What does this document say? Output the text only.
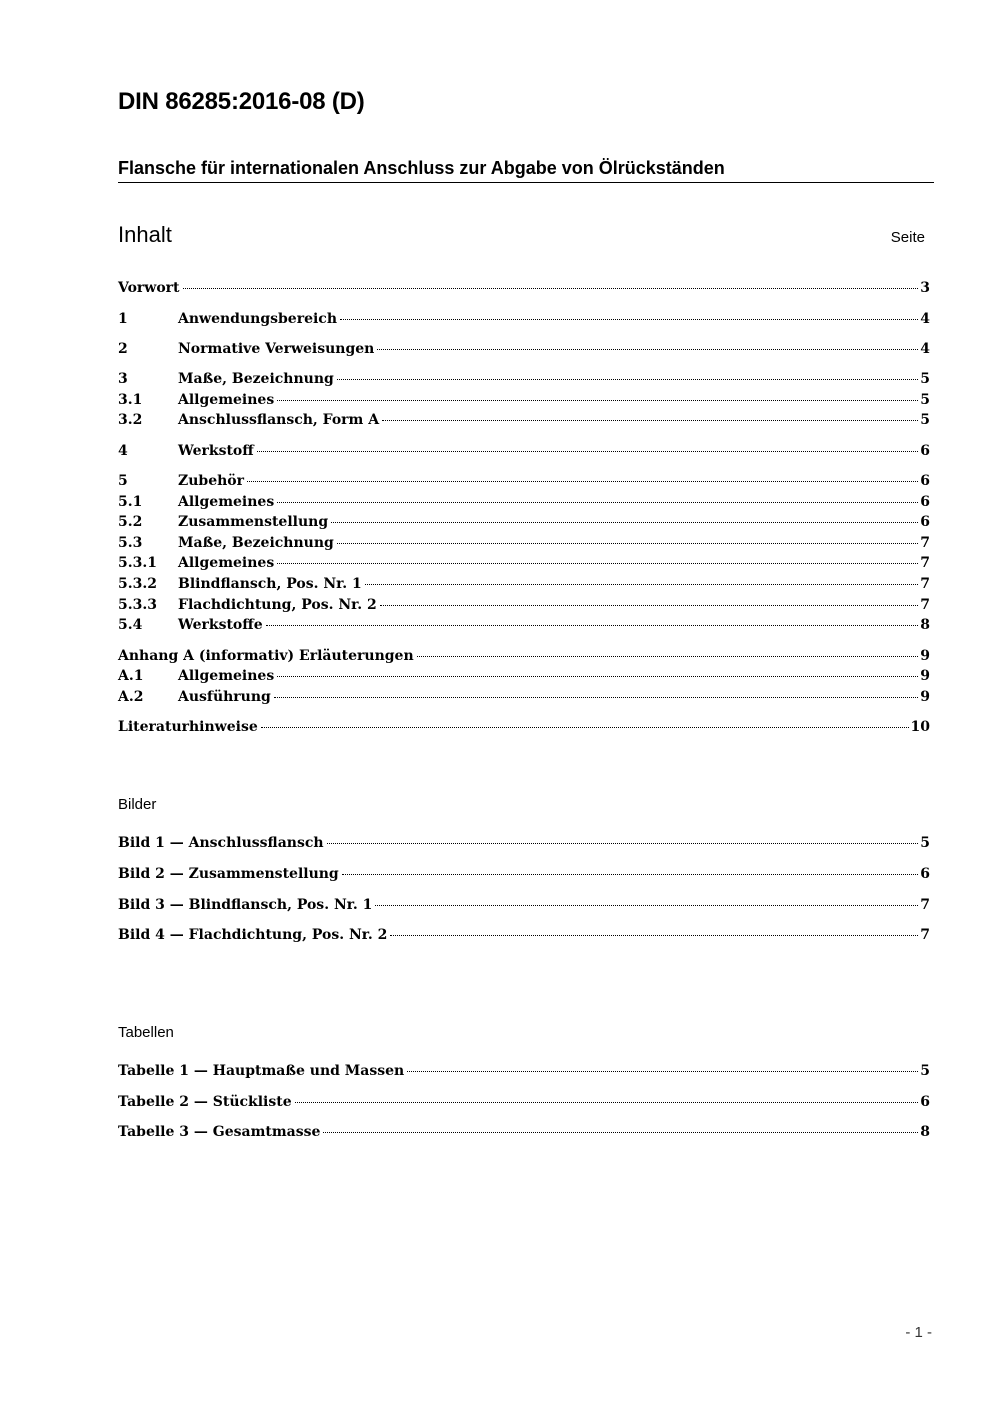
DIN 86285:2016-08 (D)
Flansche für internationalen Anschluss zur Abgabe von Ölrückständen
Inhalt	Seite
Vorwort	3
1	Anwendungsbereich	4
2	Normative Verweisungen	4
3	Maße, Bezeichnung	5
3.1	Allgemeines	5
3.2	Anschlussflansch, Form A	5
4	Werkstoff	6
5	Zubehör	6
5.1	Allgemeines	6
5.2	Zusammenstellung	6
5.3	Maße, Bezeichnung	7
5.3.1	Allgemeines	7
5.3.2	Blindflansch, Pos. Nr. 1	7
5.3.3	Flachdichtung, Pos. Nr. 2	7
5.4	Werkstoffe	8
Anhang A (informativ) Erläuterungen	9
A.1	Allgemeines	9
A.2	Ausführung	9
Literaturhinweise	10
Bilder
Bild 1 — Anschlussflansch	5
Bild 2 — Zusammenstellung	6
Bild 3 — Blindflansch, Pos. Nr. 1	7
Bild 4 — Flachdichtung, Pos. Nr. 2	7
Tabellen
Tabelle 1 — Hauptmaße und Massen	5
Tabelle 2 — Stückliste	6
Tabelle 3 — Gesamtmasse	8
- 1 -
